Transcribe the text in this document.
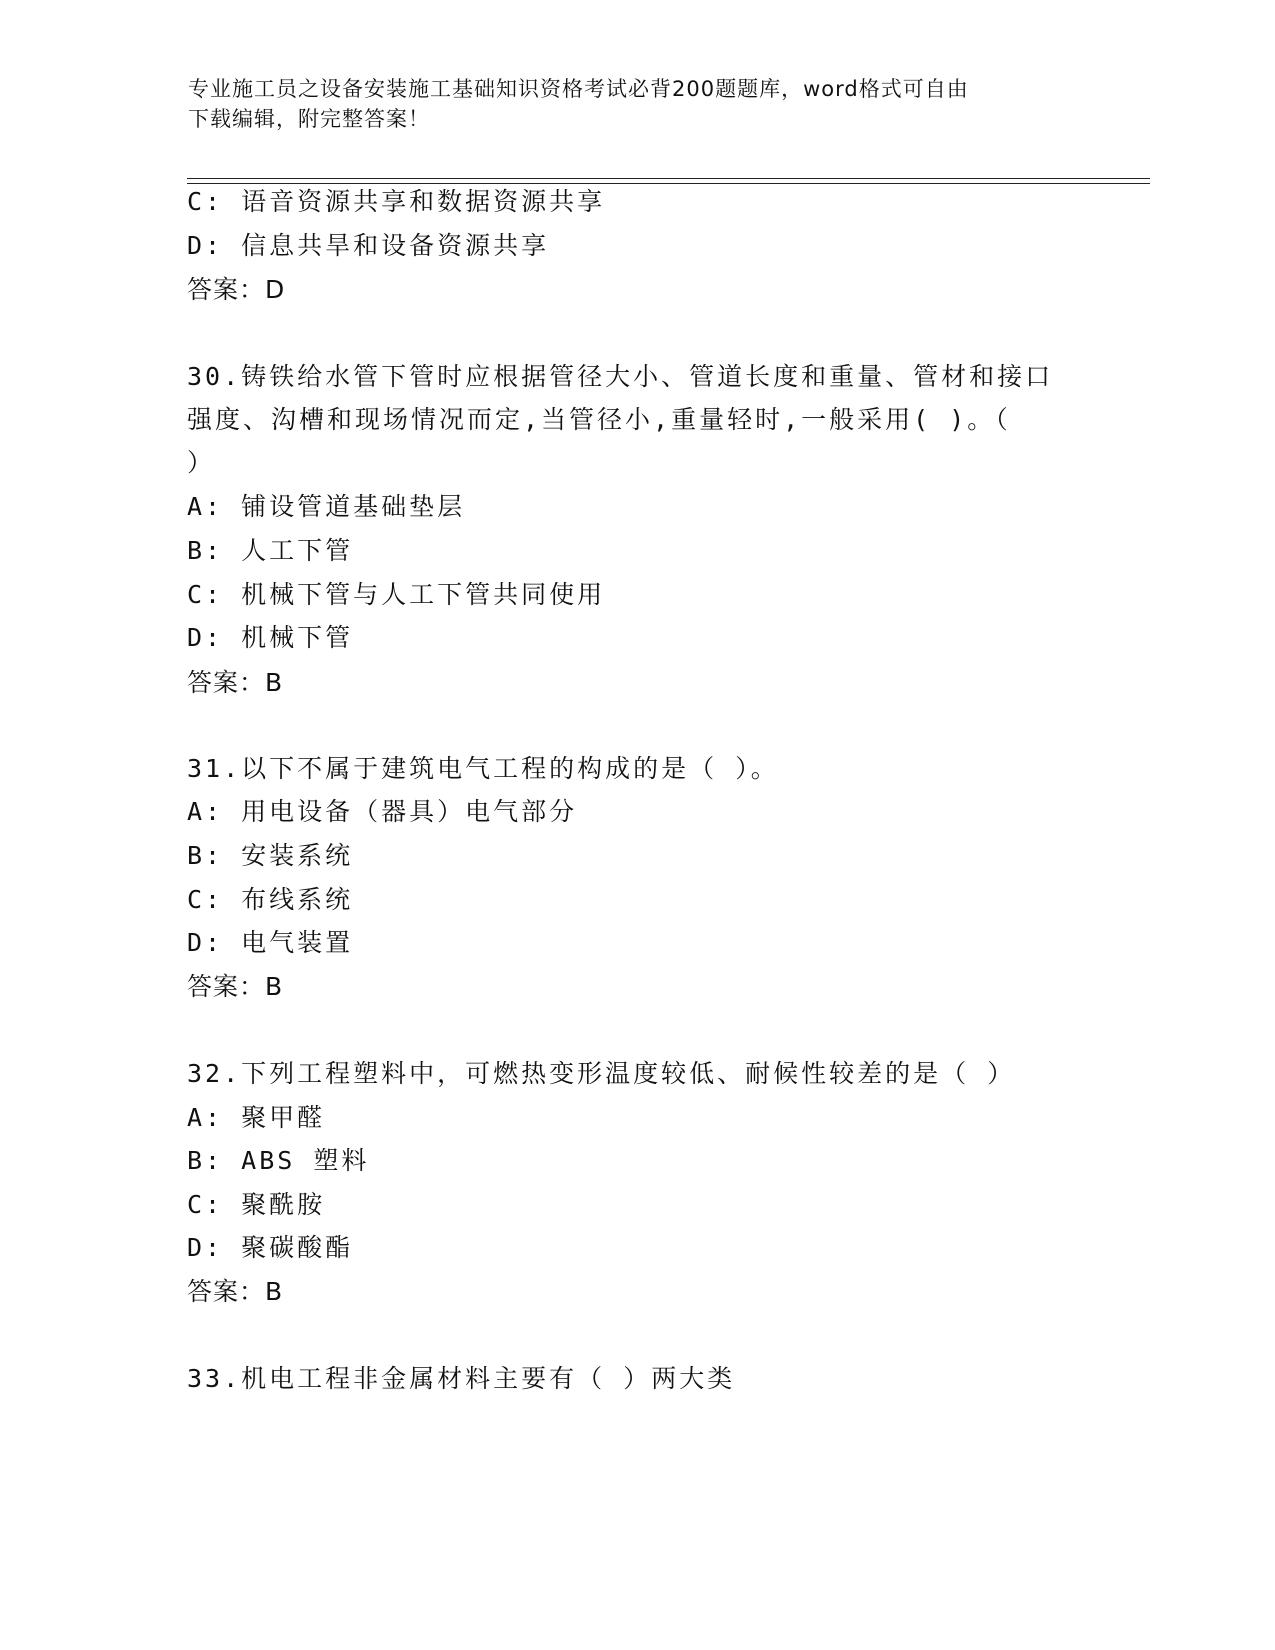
专业施工员之设备安装施工基础知识资格考试必背200题题库，word格式可自由
下载编辑，附完整答案！
C: 语音资源共享和数据资源共享
D: 信息共旱和设备资源共享
答案：D
30.铸铁给水管下管时应根据管径大小、管道长度和重量、管材和接口
强度、沟槽和现场情况而定,当管径小,重量轻时,一般采用( )。（
）
A: 铺设管道基础垫层
B: 人工下管
C: 机械下管与人工下管共同使用
D: 机械下管
答案：B
31.以下不属于建筑电气工程的构成的是（ ）。
A: 用电设备（器具）电气部分
B: 安装系统
C: 布线系统
D: 电气装置
答案：B
32.下列工程塑料中，可燃热变形温度较低、耐候性较差的是（ ）
A: 聚甲醛
B: ABS 塑料
C: 聚酰胺
D: 聚碳酸酯
答案：B
33.机电工程非金属材料主要有（ ）两大类
